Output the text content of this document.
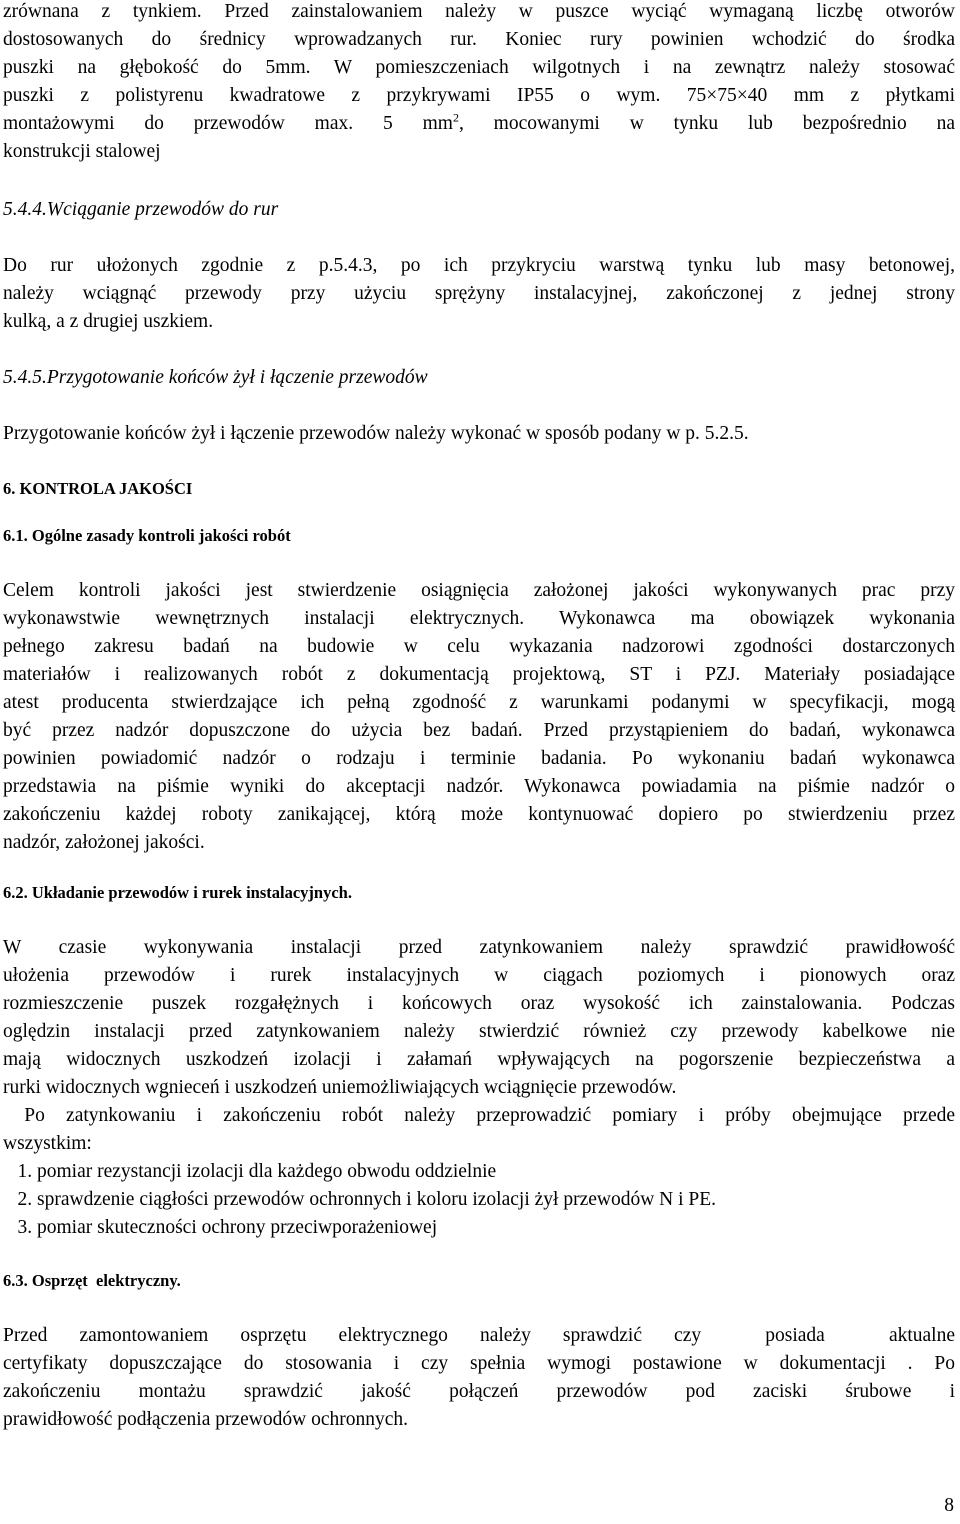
zrównana z tynkiem. Przed zainstalowaniem należy w puszce wyciąć wymaganą liczbę otworów

dostosowanych do średnicy wprowadzanych rur. Koniec rury powinien wchodzić do środka

puszki na głębokość do 5mm. W pomieszczeniach wilgotnych i na zewnątrz należy stosować

puszki z polistyrenu kwadratowe z przykrywami IP55 o wym. 75×75×40 mm z płytkami

montażowymi do przewodów max. 5 $mm^2$, mocowanymi w tynku lub bezpośrednio na

konstrukcji stalowej

5.4.4.Wciąganie przewodów do rur

Do rur ułożonych zgodnie z p.5.4.3, po ich przykryciu warstwą tynku lub masy betonowej,

należy wciągnąć przewody przy użyciu sprężyny instalacyjnej, zakończonej z jednej strony

kulką, a z drugiej uszkiem.

5.4.5.Przygotowanie końców żył i łączenie przewodów

Przygotowanie końców żył i łączenie przewodów należy wykonać w sposób podany w p. 5.2.5.

6. KONTROLA JAKOŚCI

6.1. Ogólne zasady kontroli jakości robót

Celem kontroli jakości jest stwierdzenie osiągnięcia założonej jakości wykonywanych prac przy

wykonawstwie wewnętrznych instalacji elektrycznych. Wykonawca ma obowiązek wykonania

pełnego zakresu badań na budowie w celu wykazania nadzorowi zgodności dostarczonych

materiałów i realizowanych robót z dokumentacją projektową, ST i PZJ. Materiały posiadające

atest producenta stwierdzające ich pełną zgodność z warunkami podanymi w specyfikacji, mogą

być przez nadzór dopuszczone do użycia bez badań. Przed przystąpieniem do badań, wykonawca

powinien powiadomić nadzór o rodzaju i terminie badania. Po wykonaniu badań wykonawca

przedstawia na piśmie wyniki do akceptacji nadzór. Wykonawca powiadamia na piśmie nadzór o

zakończeniu każdej roboty zanikającej, którą może kontynuować dopiero po stwierdzeniu przez

nadzór, założonej jakości.

6.2. Układanie przewodów i rurek instalacyjnych.

W czasie wykonywania instalacji przed zatynkowaniem należy sprawdzić prawidłowość

ułożenia przewodów i rurek instalacyjnych w ciągach poziomych i pionowych oraz

rozmieszczenie puszek rozgałężnych i końcowych oraz wysokość ich zainstalowania. Podczas

oględzin instalacji przed zatynkowaniem należy stwierdzić również czy przewody kabelkowe nie

mają widocznych uszkodzeń izolacji i załamań wpływających na pogorszenie bezpieczeństwa a

rurki widocznych wgnieceń i uszkodzeń uniemożliwiających wciągnięcie przewodów.

Po zatynkowaniu i zakończeniu robót należy przeprowadzić pomiary i próby obejmujące przede

wszystkim:

1. pomiar rezystancji izolacji dla każdego obwodu oddzielnie
2. sprawdzenie ciągłości przewodów ochronnych i koloru izolacji żył przewodów N i PE.
3. pomiar skuteczności ochrony przeciwporażeniowej

6.3. Osprzęt  elektryczny.

Przed  zamontowaniem  osprzętu  elektrycznego  należy  sprawdzić  czy    posiada    aktualne

certyfikaty dopuszczające do stosowania i czy spełnia wymogi postawione w dokumentacji . Po

zakończeniu  montażu  sprawdzić  jakość  połączeń  przewodów  pod  zaciski  śrubowe  i

prawidłowość podłączenia przewodów ochronnych.

8
